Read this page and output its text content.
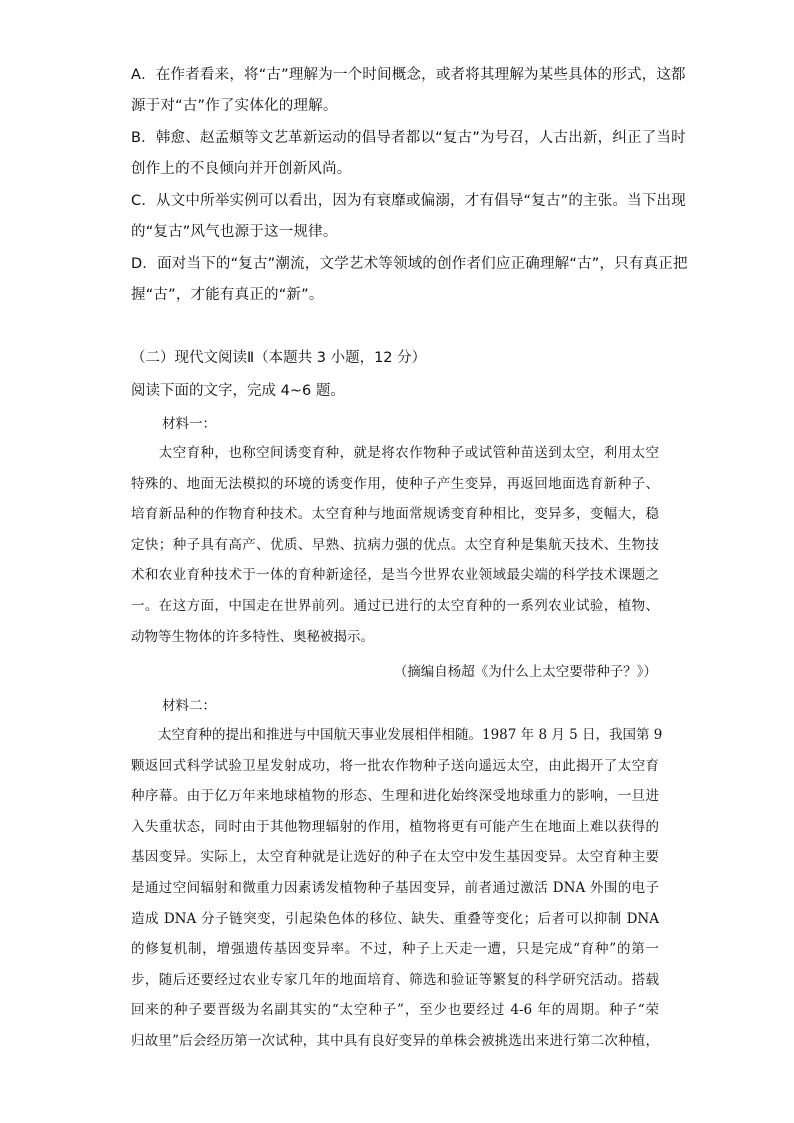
A．在作者看来，将“古”理解为一个时间概念，或者将其理解为某些具体的形式，这都

源于对“古”作了实体化的理解。

B．韩愈、赵孟頫等文艺革新运动的倡导者都以“复古”为号召，人古出新，纠正了当时

创作上的不良倾向并开创新风尚。

C．从文中所举实例可以看出，因为有衰靡或偏溺，才有倡导“复古”的主张。当下出现

的“复古”风气也源于这一规律。

D．面对当下的“复古”潮流，文学艺术等领域的创作者们应正确理解“古”，只有真正把

握“古”，才能有真正的“新”。

（二）现代文阅读Ⅱ（本题共 3 小题，12 分）
阅读下面的文字，完成 4~6 题。
材料一：
　　太空育种，也称空间诱变育种，就是将农作物种子或试管种苗送到太空，利用太空
特殊的、地面无法模拟的环境的诱变作用，使种子产生变异，再返回地面选育新种子、
培育新品种的作物育种技术。太空育种与地面常规诱变育种相比，变异多，变幅大，稳
定快；种子具有高产、优质、早熟、抗病力强的优点。太空育种是集航天技术、生物技
术和农业育种技术于一体的育种新途径，是当今世界农业领域最尖端的科学技术课题之
一。在这方面，中国走在世界前列。通过已进行的太空育种的一系列农业试验，植物、
动物等生物体的许多特性、奥秘被揭示。
（摘编自杨超《为什么上太空要带种子？》）
材料二：
　　太空育种的提出和推进与中国航天事业发展相伴相随。1987 年 8 月 5 日，我国第 9
颗返回式科学试验卫星发射成功，将一批农作物种子送向遥远太空，由此揭开了太空育
种序幕。由于亿万年来地球植物的形态、生理和进化始终深受地球重力的影响，一旦进
入失重状态，同时由于其他物理辐射的作用，植物将更有可能产生在地面上难以获得的
基因变异。实际上，太空育种就是让选好的种子在太空中发生基因变异。太空育种主要
是通过空间辐射和微重力因素诱发植物种子基因变异，前者通过激活 DNA 外围的电子
造成 DNA 分子链突变，引起染色体的移位、缺失、重叠等变化；后者可以抑制 DNA
的修复机制，增强遗传基因变异率。不过，种子上天走一遭，只是完成“育种”的第一
步，随后还要经过农业专家几年的地面培育、筛选和验证等繁复的科学研究活动。搭载
回来的种子要晋级为名副其实的“太空种子”，至少也要经过 4-6 年的周期。种子“荣
归故里”后会经历第一次试种，其中具有良好变异的单株会被挑选出来进行第二次种植，
